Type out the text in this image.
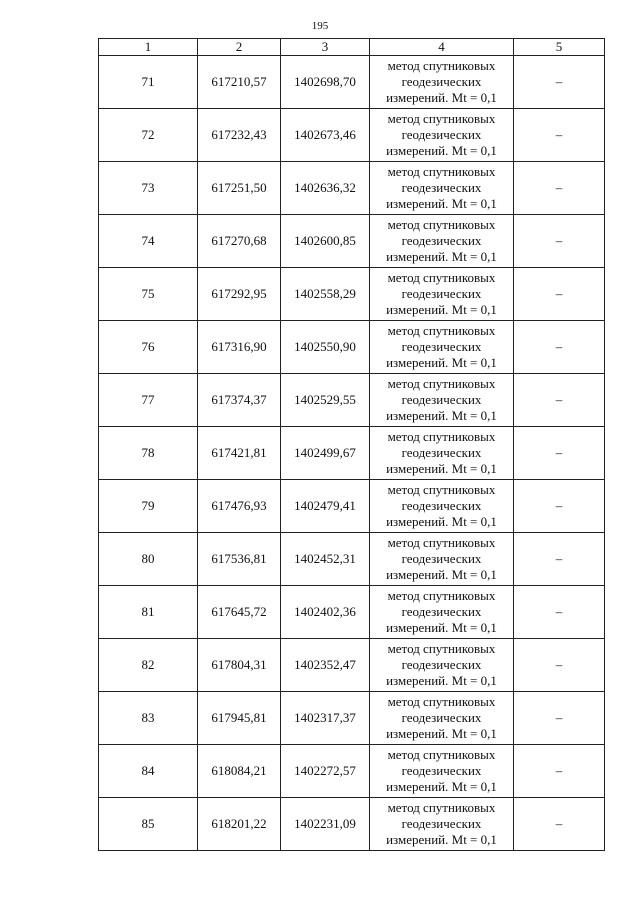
195
1	2	3	4	5
71	617210,57	1402698,70	метод спутниковых
геодезических
измерений. Mt = 0,1	–
72	617232,43	1402673,46	метод спутниковых
геодезических
измерений. Mt = 0,1	–
73	617251,50	1402636,32	метод спутниковых
геодезических
измерений. Mt = 0,1	–
74	617270,68	1402600,85	метод спутниковых
геодезических
измерений. Mt = 0,1	–
75	617292,95	1402558,29	метод спутниковых
геодезических
измерений. Mt = 0,1	–
76	617316,90	1402550,90	метод спутниковых
геодезических
измерений. Mt = 0,1	–
77	617374,37	1402529,55	метод спутниковых
геодезических
измерений. Mt = 0,1	–
78	617421,81	1402499,67	метод спутниковых
геодезических
измерений. Mt = 0,1	–
79	617476,93	1402479,41	метод спутниковых
геодезических
измерений. Mt = 0,1	–
80	617536,81	1402452,31	метод спутниковых
геодезических
измерений. Mt = 0,1	–
81	617645,72	1402402,36	метод спутниковых
геодезических
измерений. Mt = 0,1	–
82	617804,31	1402352,47	метод спутниковых
геодезических
измерений. Mt = 0,1	–
83	617945,81	1402317,37	метод спутниковых
геодезических
измерений. Mt = 0,1	–
84	618084,21	1402272,57	метод спутниковых
геодезических
измерений. Mt = 0,1	–
85	618201,22	1402231,09	метод спутниковых
геодезических
измерений. Mt = 0,1	–
